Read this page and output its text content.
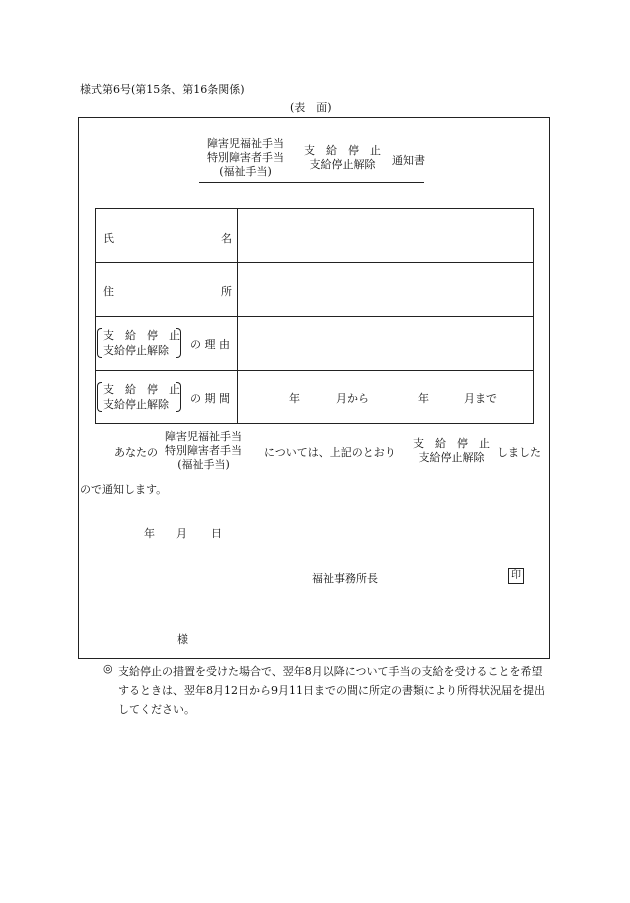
様式第6号(第15条、第16条関係)
(表　面)
障害児福祉手当
特別障害者手当
(福祉手当)
支　給　停　止
支給停止解除	通知書
氏	名
住	所
支　給　停　止
支給停止解除	の 理 由
支　給　停　止
支給停止解除	の 期 間	年	月から	年	月まで
あなたの
障害児福祉手当
特別障害者手当
(福祉手当)
については、上記のとおり
支　給　停　止
支給停止解除	しました
ので通知します。
年 月 日
福祉事務所長	印
様
◎ 支給停止の措置を受けた場合で、翌年8月以降について手当の支給を受けることを希望するときは、翌年8月12日から9月11日までの間に所定の書類により所得状況届を提出してください。
